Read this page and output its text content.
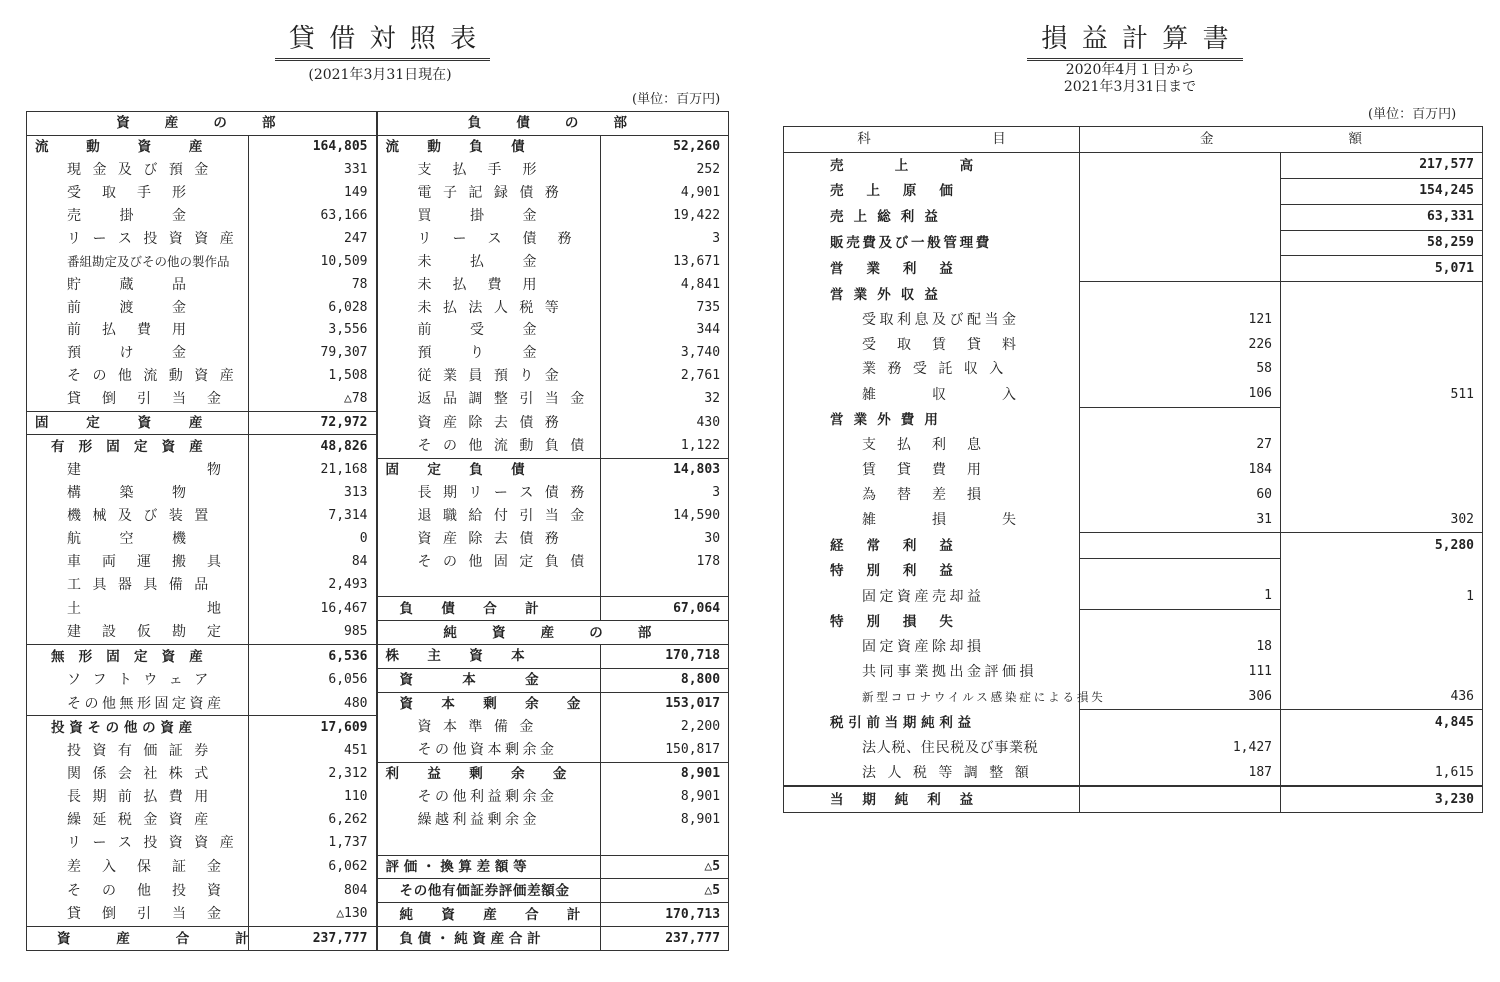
貸借対照表
(2021年3月31日現在)
(単位：百万円)
資　産　の　部		負　債　の　部	
流　動　資　産	164,805	流　動　負　債	52,260
現 金 及 び 預 金	331	支　払　手　形	252
受　取　手　形	149	電 子 記 録 債 務	4,901
売　　掛　　金	63,166	買　　掛　　金	19,422
リ ー ス 投 資 資 産	247	リ　ー　ス　債　務	3
番組勘定及びその他の製作品	10,509	未　　払　　金	13,671
貯　　蔵　　品	78	未　払　費　用	4,841
前　　渡　　金	6,028	未 払 法 人 税 等	735
前　払　費　用	3,556	前　　受　　金	344
預　　け　　金	79,307	預　　り　　金	3,740
そ の 他 流 動 資 産	1,508	従 業 員 預 り 金	2,761
貸　倒　引　当　金	△78	返 品 調 整 引 当 金	32
固　定　資　産	72,972	資 産 除 去 債 務	430
有 形 固 定 資 産	48,826	そ の 他 流 動 負 債	1,122
建　　　　　　　物	21,168	固　定　負　債	14,803
構　　築　　物	313	長 期 リ ー ス 債 務	3
機 械 及 び 装 置	7,314	退 職 給 付 引 当 金	14,590
航　　空　　機	0	資 産 除 去 債 務	30
車　両　運　搬　具	84	そ の 他 固 定 負 債	178
工 具 器 具 備 品	2,493		
土　　　　　　　地	16,467	負　債　合　計	67,064
建　設　仮　勘　定	985	純　資　産　の　部	
無 形 固 定 資 産	6,536	株　主　資　本	170,718
ソ フ ト ウ ェ ア	6,056	資　　本　　金	8,800
その他無形固定資産	480	資　本　剰　余　金	153,017
投資その他の資産	17,609	資 本 準 備 金	2,200
投 資 有 価 証 券	451	その他資本剰余金	150,817
関 係 会 社 株 式	2,312	利　益　剰　余　金	8,901
長 期 前 払 費 用	110	その他利益剰余金	8,901
繰 延 税 金 資 産	6,262	繰越利益剰余金	8,901
リ ー ス 投 資 資 産	1,737		
差　入　保　証　金	6,062	評価・換算差額等	△5
そ　の　他　投　資	804	その他有価証券評価差額金	△5
貸　倒　引　当　金	△130	純　資　産　合　計	170,713
資　産　合　計	237,777	負債・純資産合計	237,777
損益計算書
2020年4月１日から
2021年3月31日まで
(単位：百万円)
科　　　　　　　　　目	金　　　　　　　　　　額	
売　　　上　　　高		217,577
売　上　原　価		154,245
売 上 総 利 益		63,331
販売費及び一般管理費		58,259
営　業　利　益		5,071
営 業 外 収 益		
受取利息及び配当金	121	
受　取　賃　貸　料	226	
業 務 受 託 収 入	58	
雑　　　収　　　入	106	511
営 業 外 費 用		
支　払　利　息	27	
賃　貸　費　用	184	
為　替　差　損	60	
雑　　　損　　　失	31	302
経　常　利　益		5,280
特　別　利　益		
固定資産売却益	1	1
特　別　損　失		
固定資産除却損	18	
共同事業拠出金評価損	111	
新型コロナウイルス感染症による損失	306	436
税引前当期純利益		4,845
法人税、住民税及び事業税	1,427	
法 人 税 等 調 整 額	187	1,615
当　期　純　利　益		3,230
